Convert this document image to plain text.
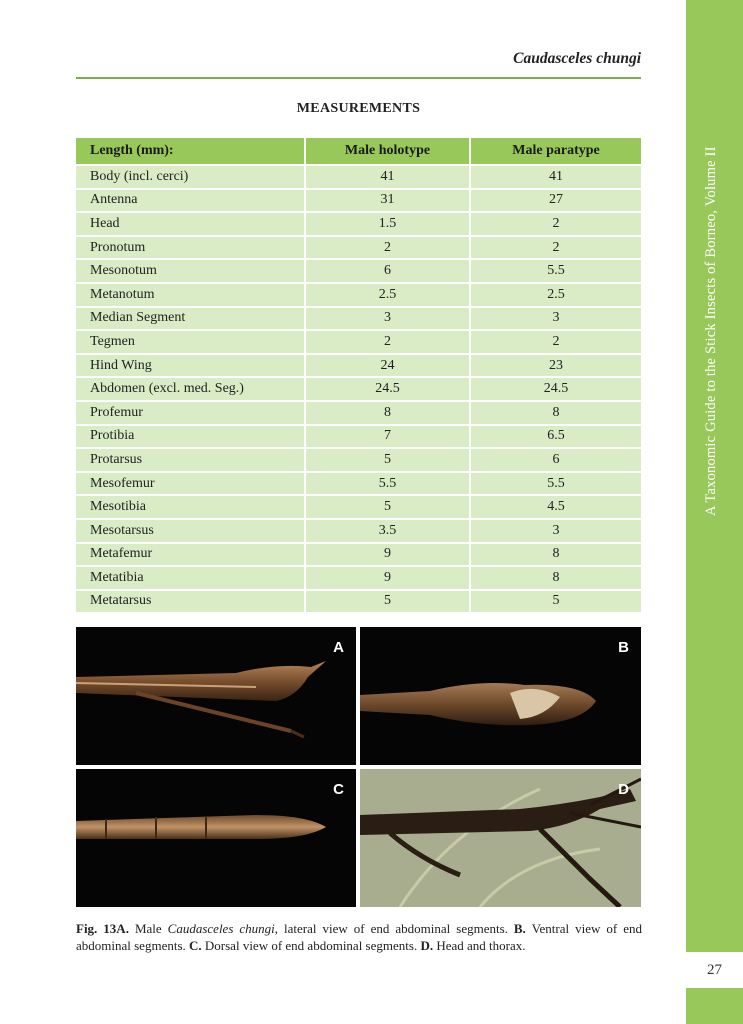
A Taxonomic Guide to the Stick Insects of Borneo, Volume II
27
Caudasceles chungi
MEASUREMENTS
Length (mm):	Male holotype	Male paratype
Body (incl. cerci)	41	41
Antenna	31	27
Head	1.5	2
Pronotum	2	2
Mesonotum	6	5.5
Metanotum	2.5	2.5
Median Segment	3	3
Tegmen	2	2
Hind Wing	24	23
Abdomen (excl. med. Seg.)	24.5	24.5
Profemur	8	8
Protibia	7	6.5
Protarsus	5	6
Mesofemur	5.5	5.5
Mesotibia	5	4.5
Mesotarsus	3.5	3
Metafemur	9	8
Metatibia	9	8
Metatarsus	5	5
A	B
C	D
Fig. 13A. Male Caudasceles chungi, lateral view of end abdominal segments. B. Ventral view of end abdominal segments. C. Dorsal view of end abdominal segments. D. Head and thorax.
